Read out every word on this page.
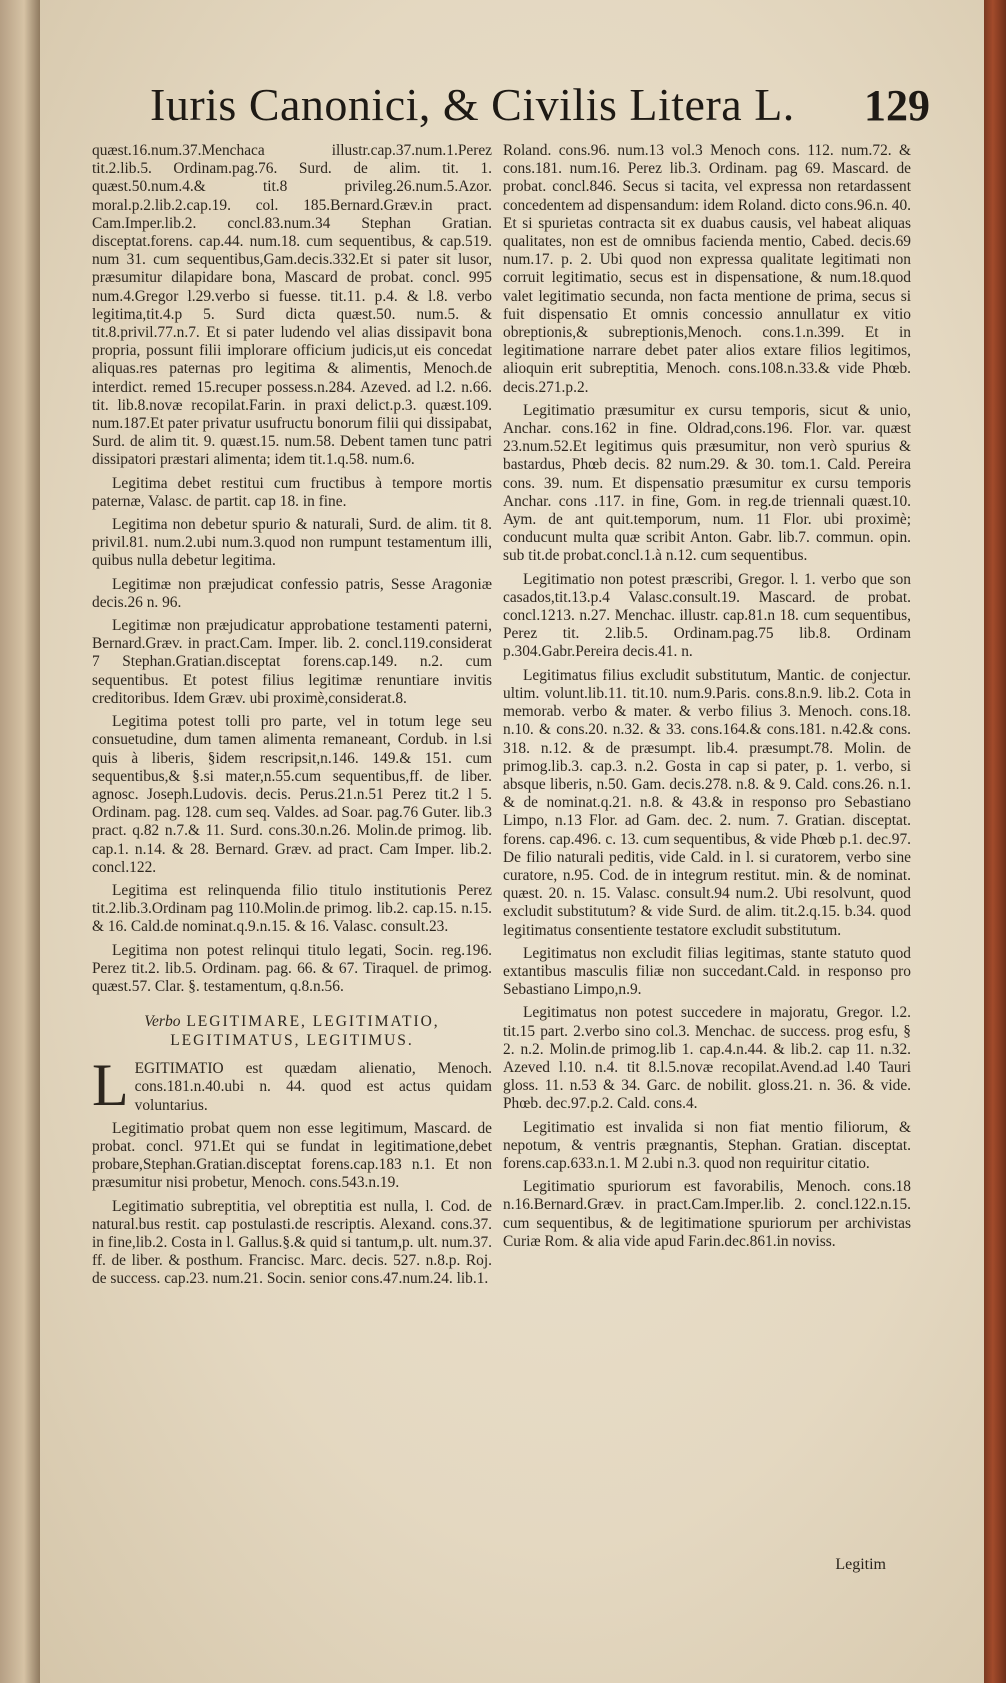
Iuris Canonici, & Civilis Litera L. 129

quæst.16.num.37.Menchaca illustr.cap.37.num.1.Perez tit.2.lib.5. Ordinam.pag.76. Surd. de alim. tit. 1. quæst.50.num.4.& tit.8 privileg.26.num.5.Azor. moral.p.2.lib.2.cap.19. col. 185.Bernard.Græv.in pract. Cam.Imper.lib.2. concl.83.num.34 Stephan Gratian. disceptat.forens. cap.44. num.18. cum sequentibus, & cap.519. num 31. cum sequentibus,Gam.decis.332.Et si pater sit lusor, præsumitur dilapidare bona, Mascard de probat. concl. 995 num.4.Gregor l.29.verbo si fuesse. tit.11. p.4. & l.8. verbo legitima,tit.4.p 5. Surd dicta quæst.50. num.5. & tit.8.privil.77.n.7. Et si pater ludendo vel alias dissipavit bona propria, possunt filii implorare officium judicis,ut eis concedat aliquas.res paternas pro legitima & alimentis, Menoch.de interdict. remed 15.recuper possess.n.284. Azeved. ad l.2. n.66. tit. lib.8.novæ recopilat.Farin. in praxi delict.p.3. quæst.109. num.187.Et pater privatur usufructu bonorum filii qui dissipabat, Surd. de alim tit. 9. quæst.15. num.58. Debent tamen tunc patri dissipatori præstari alimenta; idem tit.1.q.58. num.6.

Legitima debet restitui cum fructibus à tempore mortis paternæ, Valasc. de partit. cap 18. in fine.

Legitima non debetur spurio & naturali, Surd. de alim. tit 8. privil.81. num.2.ubi num.3.quod non rumpunt testamentum illi, quibus nulla debetur legitima.

Legitimæ non præjudicat confessio patris, Sesse Aragoniæ decis.26 n. 96.

Legitimæ non præjudicatur approbatione testamenti paterni, Bernard.Græv. in pract.Cam. Imper. lib. 2. concl.119.considerat 7 Stephan.Gratian.disceptat forens.cap.149. n.2. cum sequentibus. Et potest filius legitimæ renuntiare invitis creditoribus. Idem Græv. ubi proximè,considerat.8.

Legitima potest tolli pro parte, vel in totum lege seu consuetudine, dum tamen alimenta remaneant, Cordub. in l.si quis à liberis, §idem rescripsit,n.146. 149.& 151. cum sequentibus,& §.si mater,n.55.cum sequentibus,ff. de liber. agnosc. Joseph.Ludovis. decis. Perus.21.n.51 Perez tit.2 l 5. Ordinam. pag. 128. cum seq. Valdes. ad Soar. pag.76 Guter. lib.3 pract. q.82 n.7.& 11. Surd. cons.30.n.26. Molin.de primog. lib. cap.1. n.14. & 28. Bernard. Græv. ad pract. Cam Imper. lib.2. concl.122.

Legitima est relinquenda filio titulo institutionis Perez tit.2.lib.3.Ordinam pag 110.Molin.de primog. lib.2. cap.15. n.15. & 16. Cald.de nominat.q.9.n.15. & 16. Valasc. consult.23.

Legitima non potest relinqui titulo legati, Socin. reg.196. Perez tit.2. lib.5. Ordinam. pag. 66. & 67. Tiraquel. de primog. quæst.57. Clar. §. testamentum, q.8.n.56.

Verbo LEGITIMARE, LEGITIMATIO, LEGITIMATUS, LEGITIMUS.

L EGITIMATIO est quædam alienatio, Menoch. cons.181.n.40.ubi n. 44. quod est actus quidam voluntarius.

Legitimatio probat quem non esse legitimum, Mascard. de probat. concl. 971.Et qui se fundat in legitimatione,debet probare,Stephan.Gratian.disceptat forens.cap.183 n.1. Et non præsumitur nisi probetur, Menoch. cons.543.n.19.

Legitimatio subreptitia, vel obreptitia est nulla, l. Cod. de natural.bus restit. cap postulasti.de rescriptis. Alexand. cons.37. in fine,lib.2. Costa in l. Gallus.§.& quid si tantum,p. ult. num.37. ff. de liber. & posthum. Francisc. Marc. decis. 527. n.8.p. Roj. de success. cap.23. num.21. Socin. senior cons.47.num.24. lib.1.

Roland. cons.96. num.13 vol.3 Menoch cons. 112. num.72. & cons.181. num.16. Perez lib.3. Ordinam. pag 69. Mascard. de probat. concl.846. Secus si tacita, vel expressa non retardassent concedentem ad dispensandum: idem Roland. dicto cons.96.n. 40. Et si spurietas contracta sit ex duabus causis, vel habeat aliquas qualitates, non est de omnibus facienda mentio, Cabed. decis.69 num.17. p. 2. Ubi quod non expressa qualitate legitimati non corruit legitimatio, secus est in dispensatione, & num.18.quod valet legitimatio secunda, non facta mentione de prima, secus si fuit dispensatio Et omnis concessio annullatur ex vitio obreptionis,& subreptionis,Menoch. cons.1.n.399. Et in legitimatione narrare debet pater alios extare filios legitimos, alioquin erit subreptitia, Menoch. cons.108.n.33.& vide Phœb. decis.271.p.2.

Legitimatio præsumitur ex cursu temporis, sicut & unio, Anchar. cons.162 in fine. Oldrad,cons.196. Flor. var. quæst 23.num.52.Et legitimus quis præsumitur, non verò spurius & bastardus, Phœb decis. 82 num.29. & 30. tom.1. Cald. Pereira cons. 39. num. Et dispensatio præsumitur ex cursu temporis Anchar. cons .117. in fine, Gom. in reg.de triennali quæst.10. Aym. de ant quit.temporum, num. 11 Flor. ubi proximè; conducunt multa quæ scribit Anton. Gabr. lib.7. commun. opin. sub tit.de probat.concl.1.à n.12. cum sequentibus.

Legitimatio non potest præscribi, Gregor. l. 1. verbo que son casados,tit.13.p.4 Valasc.consult.19. Mascard. de probat. concl.1213. n.27. Menchac. illustr. cap.81.n 18. cum sequentibus, Perez tit. 2.lib.5. Ordinam.pag.75 lib.8. Ordinam p.304.Gabr.Pereira decis.41. n.

Legitimatus filius excludit substitutum, Mantic. de conjectur. ultim. volunt.lib.11. tit.10. num.9.Paris. cons.8.n.9. lib.2. Cota in memorab. verbo & mater. & verbo filius 3. Menoch. cons.18. n.10. & cons.20. n.32. & 33. cons.164.& cons.181. n.42.& cons. 318. n.12. & de præsumpt. lib.4. præsumpt.78. Molin. de primog.lib.3. cap.3. n.2. Gosta in cap si pater, p. 1. verbo, si absque liberis, n.50. Gam. decis.278. n.8. & 9. Cald. cons.26. n.1. & de nominat.q.21. n.8. & 43.& in responso pro Sebastiano Limpo, n.13 Flor. ad Gam. dec. 2. num. 7. Gratian. disceptat. forens. cap.496. c. 13. cum sequentibus, & vide Phœb p.1. dec.97. De filio naturali peditis, vide Cald. in l. si curatorem, verbo sine curatore, n.95. Cod. de in integrum restitut. min. & de nominat. quæst. 20. n. 15. Valasc. consult.94 num.2. Ubi resolvunt, quod excludit substitutum? & vide Surd. de alim. tit.2.q.15. b.34. quod legitimatus consentiente testatore excludit substitutum.

Legitimatus non excludit filias legitimas, stante statuto quod extantibus masculis filiæ non succedant.Cald. in responso pro Sebastiano Limpo,n.9.

Legitimatus non potest succedere in majoratu, Gregor. l.2. tit.15 part. 2.verbo sino col.3. Menchac. de success. prog esfu, § 2. n.2. Molin.de primog.lib 1. cap.4.n.44. & lib.2. cap 11. n.32. Azeved l.10. n.4. tit 8.l.5.novæ recopilat.Avend.ad l.40 Tauri gloss. 11. n.53 & 34. Garc. de nobilit. gloss.21. n. 36. & vide. Phœb. dec.97.p.2. Cald. cons.4.

Legitimatio est invalida si non fiat mentio filiorum, & nepotum, & ventris prægnantis, Stephan. Gratian. disceptat. forens.cap.633.n.1. M 2.ubi n.3. quod non requiritur citatio.

Legitimatio spuriorum est favorabilis, Menoch. cons.18 n.16.Bernard.Græv. in pract.Cam.Imper.lib. 2. concl.122.n.15. cum sequentibus, & de legitimatione spuriorum per archivistas Curiæ Rom. & alia vide apud Farin.dec.861.in noviss.

Legitim
